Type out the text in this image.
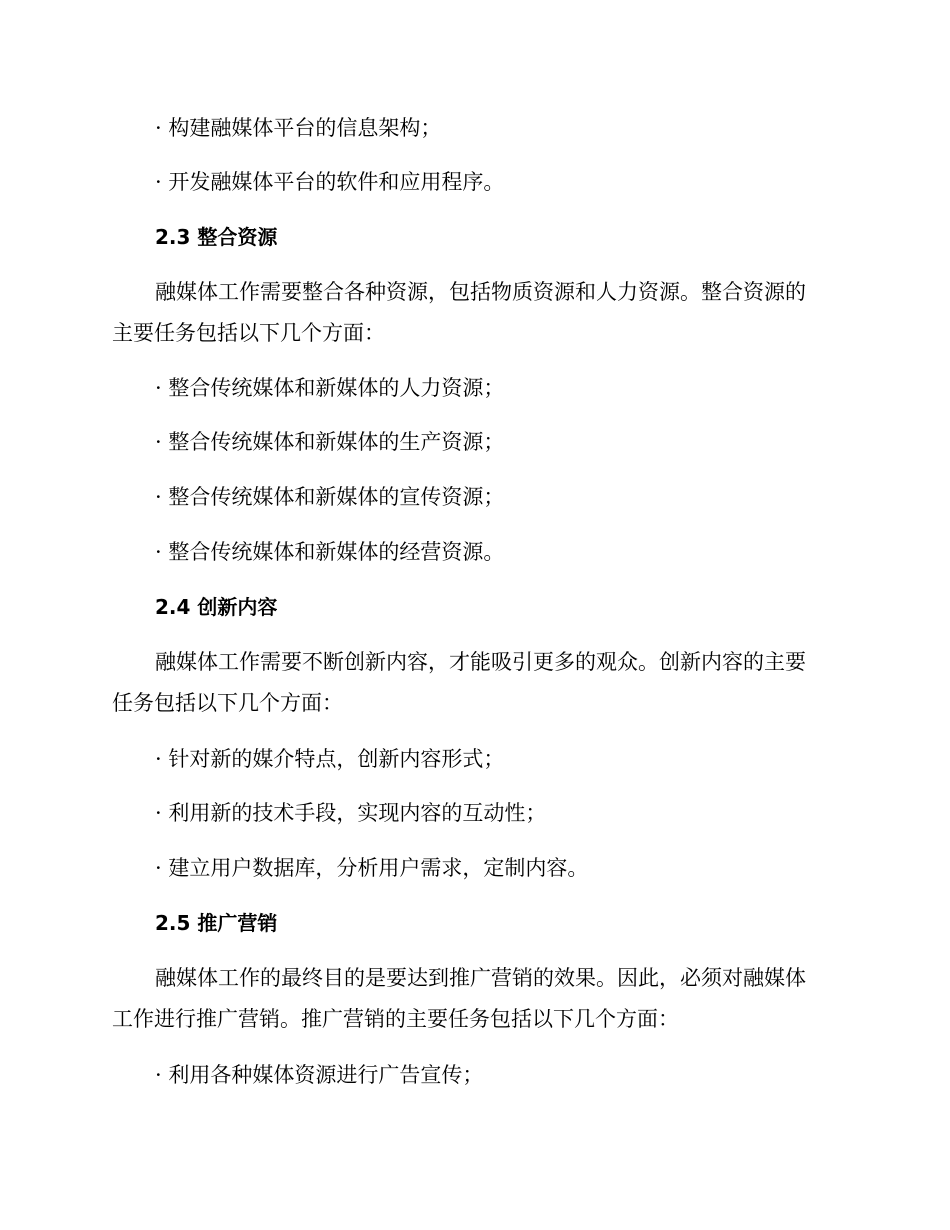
· 构建融媒体平台的信息架构；
· 开发融媒体平台的软件和应用程序。
2.3 整合资源
融媒体工作需要整合各种资源，包括物质资源和人力资源。整合资源的
主要任务包括以下几个方面：
· 整合传统媒体和新媒体的人力资源；
· 整合传统媒体和新媒体的生产资源；
· 整合传统媒体和新媒体的宣传资源；
· 整合传统媒体和新媒体的经营资源。
2.4 创新内容
融媒体工作需要不断创新内容，才能吸引更多的观众。创新内容的主要
任务包括以下几个方面：
· 针对新的媒介特点，创新内容形式；
· 利用新的技术手段，实现内容的互动性；
· 建立用户数据库，分析用户需求，定制内容。
2.5 推广营销
融媒体工作的最终目的是要达到推广营销的效果。因此，必须对融媒体
工作进行推广营销。推广营销的主要任务包括以下几个方面：
· 利用各种媒体资源进行广告宣传；
